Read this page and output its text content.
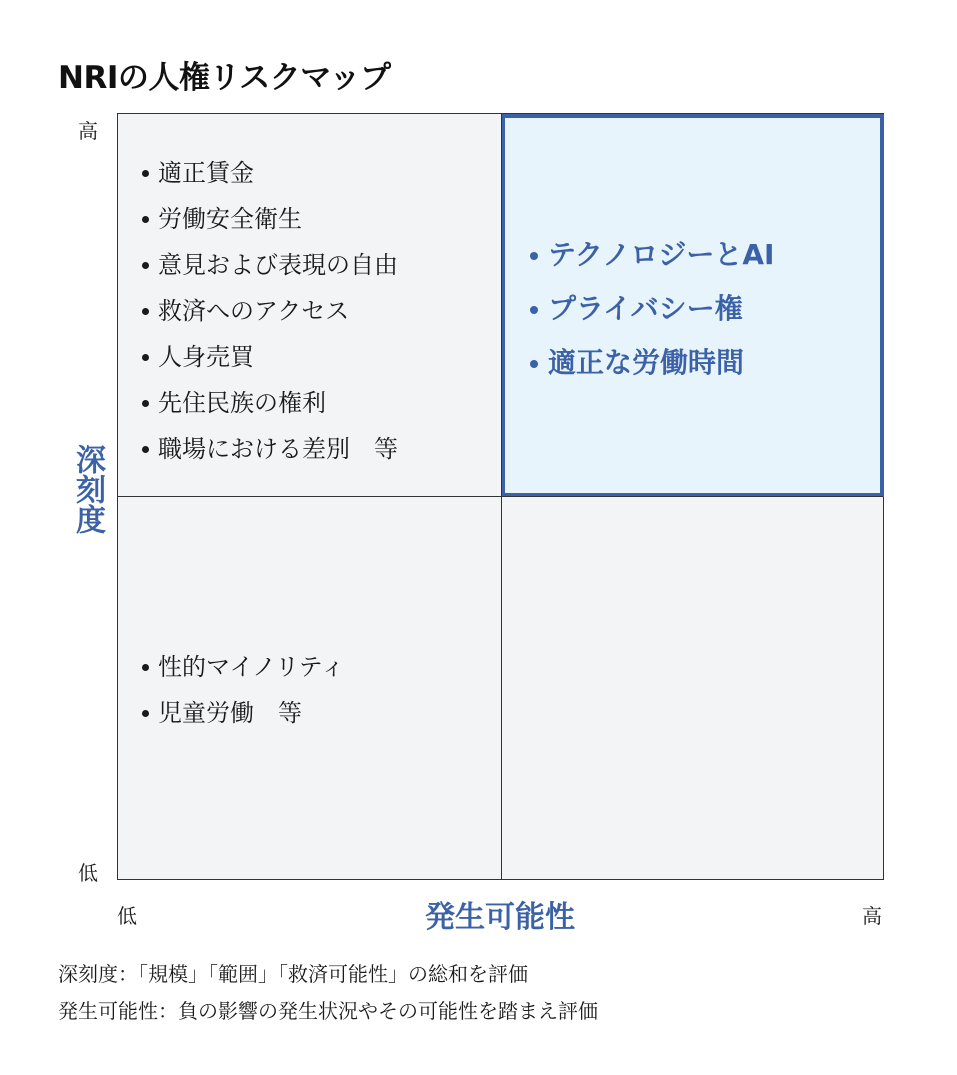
NRIの人権リスクマップ
高
低
深刻度
適正賃金
労働安全衛生
意見および表現の自由
救済へのアクセス
人身売買
先住民族の権利
職場における差別　等
テクノロジーとAI
プライバシー権
適正な労働時間
性的マイノリティ
児童労働　等
低	発生可能性	高
深刻度：「規模」「範囲」「救済可能性」の総和を評価
発生可能性：負の影響の発生状況やその可能性を踏まえ評価
